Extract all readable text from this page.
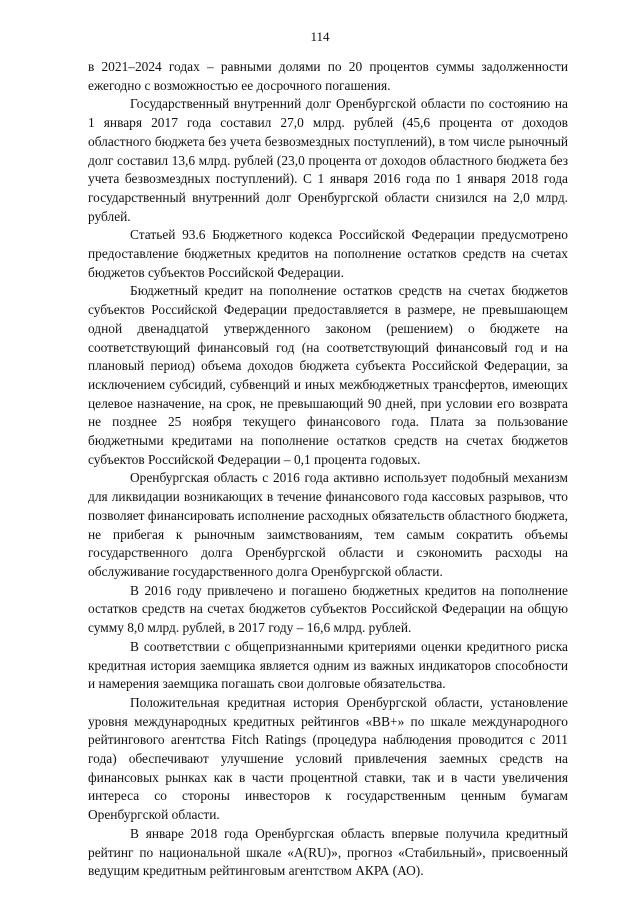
114

в 2021–2024 годах – равными долями по 20 процентов суммы задолженности ежегодно с возможностью ее досрочного погашения.

Государственный внутренний долг Оренбургской области по состоянию на 1 января 2017 года составил 27,0 млрд. рублей (45,6 процента от доходов областного бюджета без учета безвозмездных поступлений), в том числе рыночный долг составил 13,6 млрд. рублей (23,0 процента от доходов областного бюджета без учета безвозмездных поступлений). С 1 января 2016 года по 1 января 2018 года государственный внутренний долг Оренбургской области снизился на 2,0 млрд. рублей.

Статьей 93.6 Бюджетного кодекса Российской Федерации предусмотрено предоставление бюджетных кредитов на пополнение остатков средств на счетах бюджетов субъектов Российской Федерации.

Бюджетный кредит на пополнение остатков средств на счетах бюджетов субъектов Российской Федерации предоставляется в размере, не превышающем одной двенадцатой утвержденного законом (решением) о бюджете на соответствующий финансовый год (на соответствующий финансовый год и на плановый период) объема доходов бюджета субъекта Российской Федерации, за исключением субсидий, субвенций и иных межбюджетных трансфертов, имеющих целевое назначение, на срок, не превышающий 90 дней, при условии его возврата не позднее 25 ноября текущего финансового года. Плата за пользование бюджетными кредитами на пополнение остатков средств на счетах бюджетов субъектов Российской Федерации – 0,1 процента годовых.

Оренбургская область с 2016 года активно использует подобный механизм для ликвидации возникающих в течение финансового года кассовых разрывов, что позволяет финансировать исполнение расходных обязательств областного бюджета, не прибегая к рыночным заимствованиям, тем самым сократить объемы государственного долга Оренбургской области и сэкономить расходы на обслуживание государственного долга Оренбургской области.

В 2016 году привлечено и погашено бюджетных кредитов на пополнение остатков средств на счетах бюджетов субъектов Российской Федерации на общую сумму 8,0 млрд. рублей, в 2017 году – 16,6 млрд. рублей.

В соответствии с общепризнанными критериями оценки кредитного риска кредитная история заемщика является одним из важных индикаторов способности и намерения заемщика погашать свои долговые обязательства.

Положительная кредитная история Оренбургской области, установление уровня международных кредитных рейтингов «BB+» по шкале международного рейтингового агентства Fitch Ratings (процедура наблюдения проводится с 2011 года) обеспечивают улучшение условий привлечения заемных средств на финансовых рынках как в части процентной ставки, так и в части увеличения интереса со стороны инвесторов к государственным ценным бумагам Оренбургской области.

В январе 2018 года Оренбургская область впервые получила кредитный рейтинг по национальной шкале «A(RU)», прогноз «Стабильный», присвоенный ведущим кредитным рейтинговым агентством АКРА (АО).
